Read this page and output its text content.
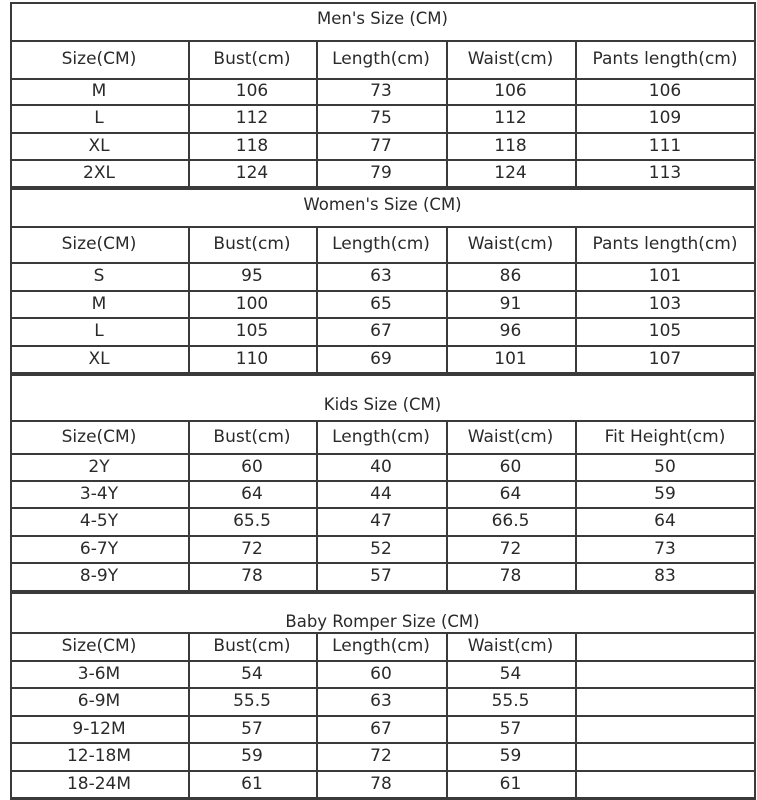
Men's Size (CM)
Size(CM)	Bust(cm)	Length(cm)	Waist(cm)	Pants length(cm)
M	106	73	106	106
L	112	75	112	109
XL	118	77	118	111
2XL	124	79	124	113
Women's Size (CM)
Size(CM)	Bust(cm)	Length(cm)	Waist(cm)	Pants length(cm)
S	95	63	86	101
M	100	65	91	103
L	105	67	96	105
XL	110	69	101	107
Kids Size (CM)
Size(CM)	Bust(cm)	Length(cm)	Waist(cm)	Fit Height(cm)
2Y	60	40	60	50
3-4Y	64	44	64	59
4-5Y	65.5	47	66.5	64
6-7Y	72	52	72	73
8-9Y	78	57	78	83
Baby Romper Size (CM)
Size(CM)	Bust(cm)	Length(cm)	Waist(cm)
3-6M	54	60	54
6-9M	55.5	63	55.5
9-12M	57	67	57
12-18M	59	72	59
18-24M	61	78	61
